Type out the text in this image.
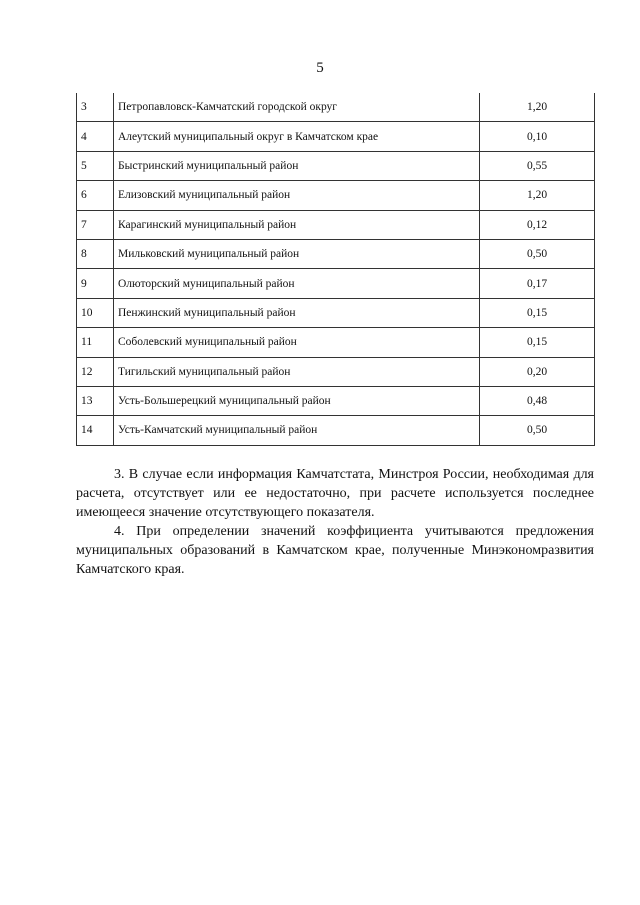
5
3	Петропавловск-Камчатский городской округ	1,20
4	Алеутский муниципальный округ в Камчатском крае	0,10
5	Быстринский муниципальный район	0,55
6	Елизовский муниципальный район	1,20
7	Карагинский муниципальный район	0,12
8	Мильковский муниципальный район	0,50
9	Олюторский муниципальный район	0,17
10	Пенжинский муниципальный район	0,15
11	Соболевский муниципальный район	0,15
12	Тигильский муниципальный район	0,20
13	Усть-Большерецкий муниципальный район	0,48
14	Усть-Камчатский муниципальный район	0,50

3. В случае если информация Камчатстата, Минстроя России, необходимая для расчета, отсутствует или ее недостаточно, при расчете используется последнее имеющееся значение отсутствующего показателя.

4. При определении значений коэффициента учитываются предложения муниципальных образований в Камчатском крае, полученные Минэкономразвития Камчатского края.
